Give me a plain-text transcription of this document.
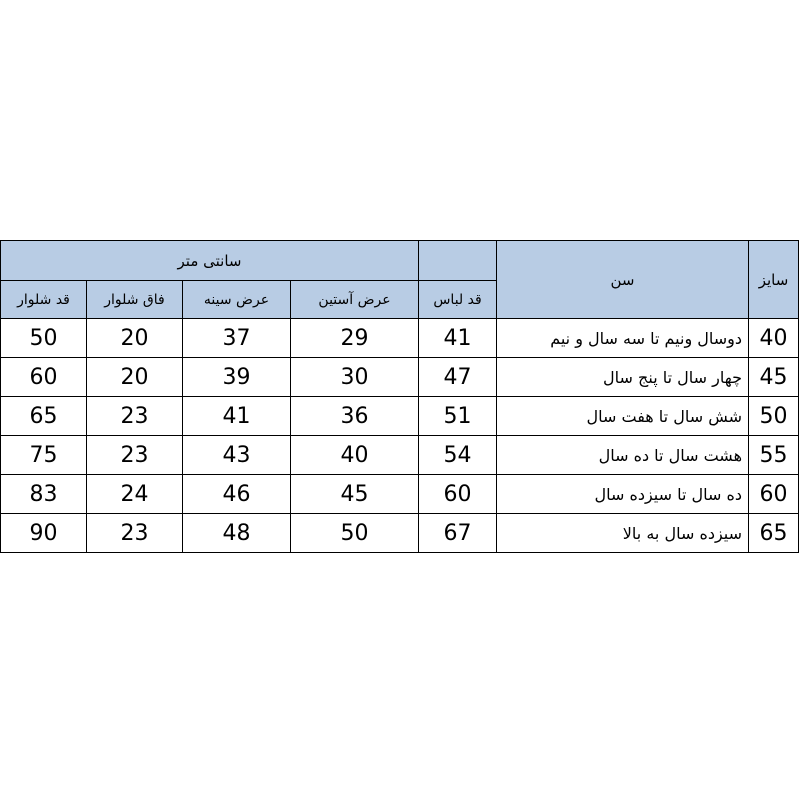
سانتی متر					سن	سایز
قد شلوار	فاق شلوار	عرض سینه	عرض آستین	قد لباس		
50	20	37	29	41	دوسال ونیم تا سه سال و نیم	40
60	20	39	30	47	چهار سال تا پنج سال	45
65	23	41	36	51	شش سال تا هفت سال	50
75	23	43	40	54	هشت سال تا ده سال	55
83	24	46	45	60	ده سال تا سیزده سال	60
90	23	48	50	67	سیزده سال به بالا	65
